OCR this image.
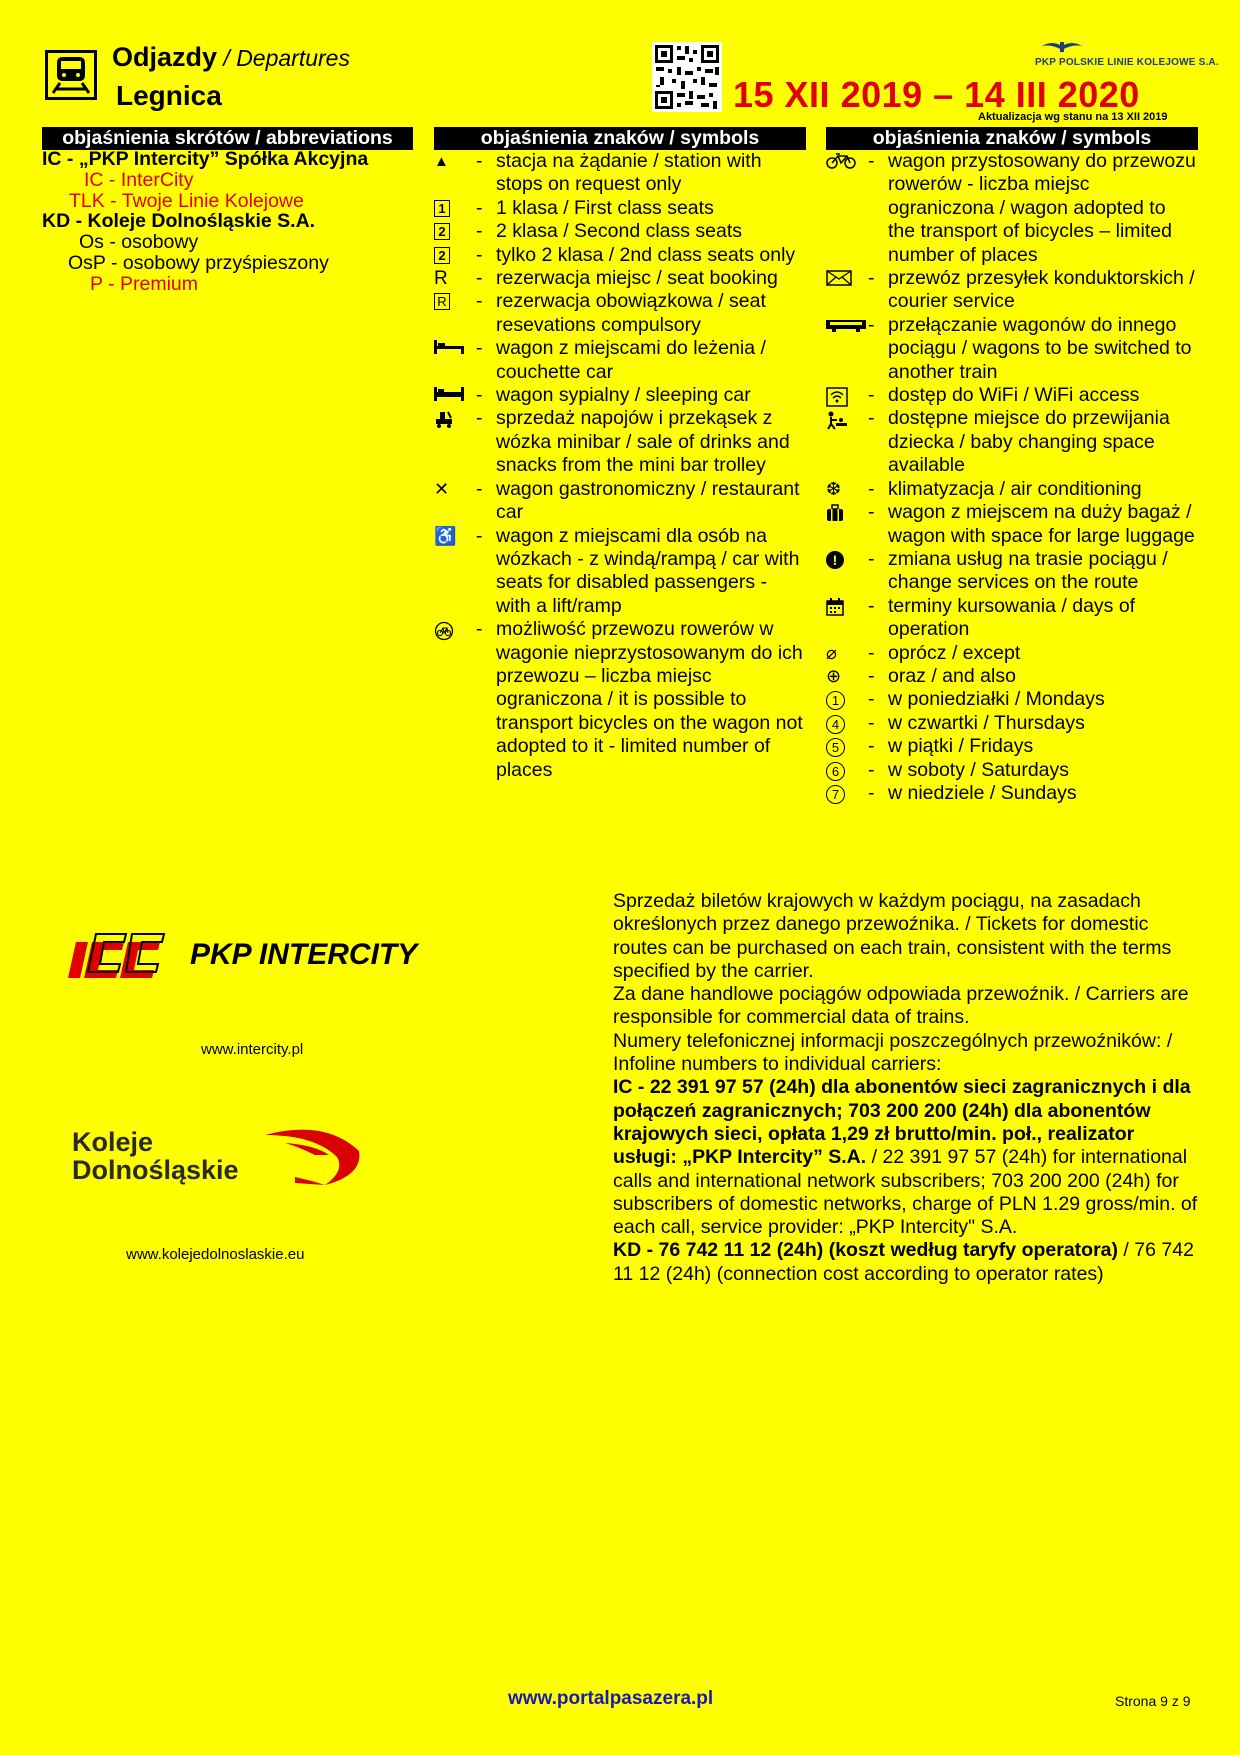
Odjazdy / Departures
Legnica
PKP POLSKIE LINIE KOLEJOWE S.A.
15 XII 2019 – 14 III 2020
Aktualizacja wg stanu na 13 XII 2019
objaśnienia skrótów / abbreviations
IC - „PKP Intercity” Spółka Akcyjna
IC - InterCity
TLK - Twoje Linie Kolejowe
KD - Koleje Dolnośląskie S.A.
Os - osobowy
OsP - osobowy przyśpieszony
P - Premium
objaśnienia znaków / symbols
▲ - stacja na żądanie / station with stops on request only
1 - 1 klasa / First class seats
2 - 2 klasa / Second class seats
2 - tylko 2 klasa / 2nd class seats only
R - rezerwacja miejsc / seat booking
R - rezerwacja obowiązkowa / seat resevations compulsory
- wagon z miejscami do leżenia / couchette car
- wagon sypialny / sleeping car
- sprzedaż napojów i przekąsek z wózka minibar / sale of drinks and snacks from the mini bar trolley
✕ - wagon gastronomiczny / restaurant car
♿ - wagon z miejscami dla osób na wózkach - z windą/rampą / car with seats for disabled passengers - with a lift/ramp
- możliwość przewozu rowerów w wagonie nieprzystosowanym do ich przewozu – liczba miejsc ograniczona / it is possible to transport bicycles on the wagon not adopted to it - limited number of places
objaśnienia znaków / symbols
- wagon przystosowany do przewozu rowerów - liczba miejsc ograniczona / wagon adopted to the transport of bicycles – limited number of places
- przewóz przesyłek konduktorskich / courier service
- przełączanie wagonów do innego pociągu / wagons to be switched to another train
- dostęp do WiFi / WiFi access
- dostępne miejsce do przewijania dziecka / baby changing space available
❆ - klimatyzacja / air conditioning
- wagon z miejscem na duży bagaż / wagon with space for large luggage
!	- zmiana usług na trasie pociągu / change services on the route
- terminy kursowania / days of operation
⌀ - oprócz / except
⊕ - oraz / and also
1	- w poniedziałki / Mondays
4	- w czwartki / Thursdays
5	- w piątki / Fridays
6	- w soboty / Saturdays
7	- w niedziele / Sundays
PKP INTERCITY
www.intercity.pl
Koleje
Dolnośląskie
www.kolejedolnoslaskie.eu

Sprzedaż biletów krajowych w każdym pociągu, na zasadach określonych przez danego przewoźnika. / Tickets for domestic routes can be purchased on each train, consistent with the terms specified by the carrier.

Za dane handlowe pociągów odpowiada przewoźnik. / Carriers are responsible for commercial data of trains.

Numery telefonicznej informacji poszczególnych przewoźników: / Infoline numbers to individual carriers:

IC - 22 391 97 57 (24h) dla abonentów sieci zagranicznych i dla połączeń zagranicznych; 703 200 200 (24h) dla abonentów krajowych sieci, opłata 1,29 zł brutto/min. poł., realizator usługi: „PKP Intercity” S.A. / 22 391 97 57 (24h) for international calls and international network subscribers; 703 200 200 (24h) for subscribers of domestic networks, charge of PLN 1.29 gross/min. of each call, service provider: „PKP Intercity" S.A.

KD - 76 742 11 12 (24h) (koszt według taryfy operatora) / 76 742 11 12 (24h) (connection cost according to operator rates)

www.portalpasazera.pl	Strona 9 z 9
